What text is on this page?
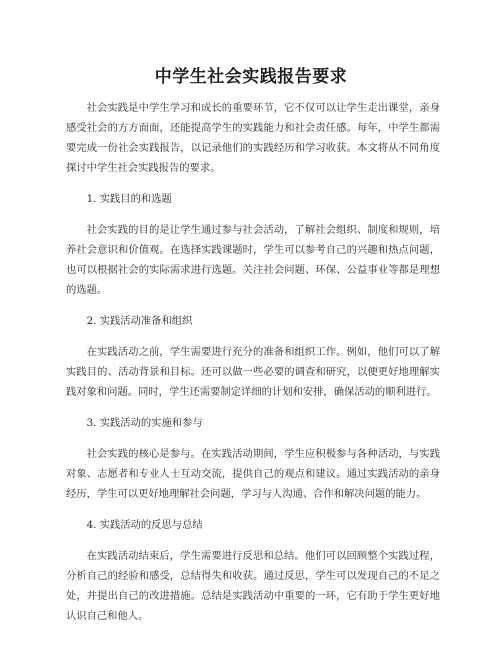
中学生社会实践报告要求

社会实践是中学生学习和成长的重要环节，它不仅可以让学生走出课堂，亲身感受社会的方方面面，还能提高学生的实践能力和社会责任感。每年，中学生都需要完成一份社会实践报告，以记录他们的实践经历和学习收获。本文将从不同角度探讨中学生社会实践报告的要求。

1. 实践目的和选题

社会实践的目的是让学生通过参与社会活动，了解社会组织、制度和规则，培养社会意识和价值观。在选择实践课题时，学生可以参考自己的兴趣和热点问题，也可以根据社会的实际需求进行选题。关注社会问题、环保、公益事业等都是理想的选题。

2. 实践活动准备和组织

在实践活动之前，学生需要进行充分的准备和组织工作。例如，他们可以了解实践目的、活动背景和目标。还可以做一些必要的调查和研究，以便更好地理解实践对象和问题。同时，学生还需要制定详细的计划和安排，确保活动的顺利进行。

3. 实践活动的实施和参与

社会实践的核心是参与。在实践活动期间，学生应积极参与各种活动，与实践对象、志愿者和专业人士互动交流，提供自己的观点和建议。通过实践活动的亲身经历，学生可以更好地理解社会问题，学习与人沟通、合作和解决问题的能力。

4. 实践活动的反思与总结

在实践活动结束后，学生需要进行反思和总结。他们可以回顾整个实践过程，分析自己的经验和感受，总结得失和收获。通过反思，学生可以发现自己的不足之处，并提出自己的改进措施。总结是实践活动中重要的一环，它有助于学生更好地认识自己和他人。
